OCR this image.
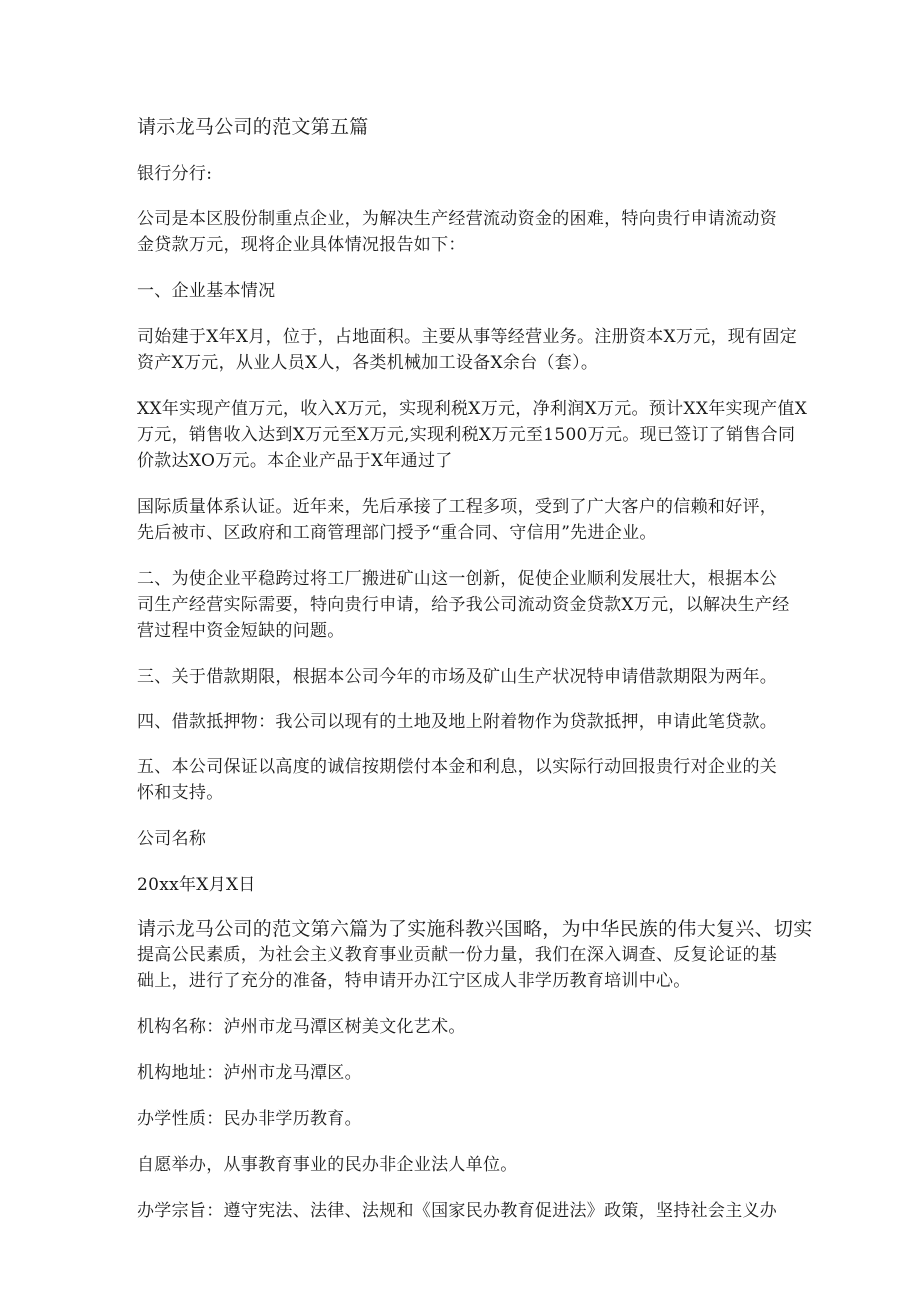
请示龙马公司的范文第五篇
银行分行:
公司是本区股份制重点企业，为解决生产经营流动资金的困难，特向贵行申请流动资
金贷款万元，现将企业具体情况报告如下：
一、企业基本情况
司始建于X年X月，位于，占地面积。主要从事等经营业务。注册资本X万元，现有固定
资产X万元，从业人员X人，各类机械加工设备X余台（套）。
XX年实现产值万元，收入X万元，实现利税X万元，净利润X万元。预计XX年实现产值X
万元，销售收入达到X万元至X万元,实现利税X万元至1500万元。现已签订了销售合同
价款达XO万元。本企业产品于X年通过了
国际质量体系认证。近年来，先后承接了工程多项，受到了广大客户的信赖和好评，
先后被市、区政府和工商管理部门授予“重合同、守信用”先进企业。
二、为使企业平稳跨过将工厂搬进矿山这一创新，促使企业顺利发展壮大，根据本公
司生产经营实际需要，特向贵行申请，给予我公司流动资金贷款X万元，以解决生产经
营过程中资金短缺的问题。
三、关于借款期限，根据本公司今年的市场及矿山生产状况特申请借款期限为两年。
四、借款抵押物：我公司以现有的土地及地上附着物作为贷款抵押，申请此笔贷款。
五、本公司保证以高度的诚信按期偿付本金和利息，以实际行动回报贵行对企业的关
怀和支持。
公司名称
20xx年X月X日
请示龙马公司的范文第六篇为了实施科教兴国略，为中华民族的伟大复兴、切实
提高公民素质，为社会主义教育事业贡献一份力量，我们在深入调查、反复论证的基
础上，进行了充分的准备，特申请开办江宁区成人非学历教育培训中心。
机构名称：泸州市龙马潭区树美文化艺术。
机构地址：泸州市龙马潭区。
办学性质：民办非学历教育。
自愿举办，从事教育事业的民办非企业法人单位。
办学宗旨：遵守宪法、法律、法规和《国家民办教育促进法》政策，坚持社会主义办
